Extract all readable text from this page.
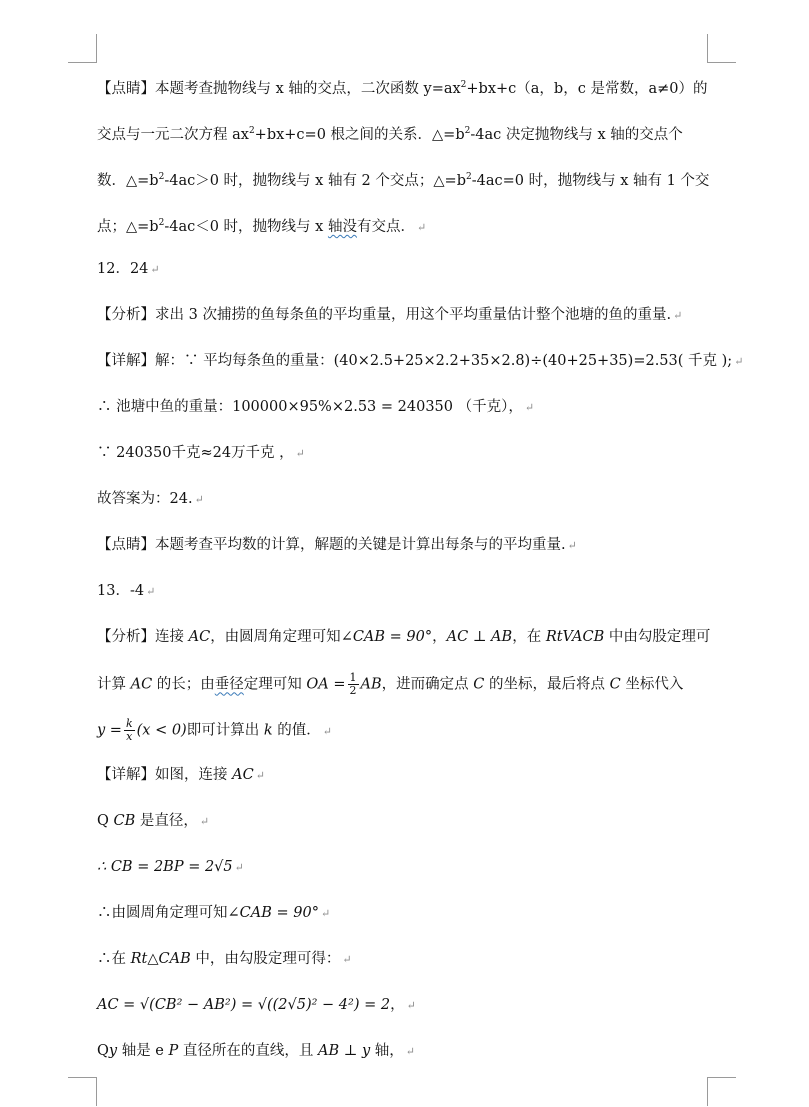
【点睛】本题考查抛物线与 x 轴的交点，二次函数 $y=ax^2+bx+c(a$，b，c 是常数，a≠0）的
交点与一元二次方程 $ax^2+bx+c=0$ 根之间的关系．$\triangle=b^2-4ac$ 决定抛物线与 x 轴的交点个
数．$\triangle=b^2-4ac>0$ 时，抛物线与 x 轴有 2 个交点；$\triangle=b^2-4ac=0$ 时，抛物线与 x 轴有 1 个交
点；$\triangle=b^2-4ac<0$ 时，抛物线与 x 轴没有交点． ↵
12．24 ↵
【分析】求出 3 次捕捞的鱼每条鱼的平均重量，用这个平均重量估计整个池塘的鱼的重量. ↵
【详解】解：∵ 平均每条鱼的重量：(40×2.5+25×2.2+35×2.8)÷(40+25+35)=2.53( 千克 ); ↵
∴ 池塘中鱼的重量：100000×95%×2.53 = 240350 （千克）， ↵
∵ 240350千克≈24万千克 ， ↵
故答案为：24. ↵
【点睛】本题考查平均数的计算，解题的关键是计算出每条与的平均重量. ↵
13．-4 ↵
【分析】连接 AC，由圆周角定理可知∠CAB = 90°，AC ⊥ AB，在 RtVACB 中由勾股定理可
计算 AC 的长；由垂径定理可知 OA = $\frac{1}{2}$ AB，进而确定点 C 的坐标，最后将点 C 坐标代入
$y = \frac{k}{x} (x < 0)$即可计算出 k 的值． ↵
【详解】如图，连接 AC ↵
Q CB 是直径， ↵
∴ CB = 2BP = 2√5 ↵
∴由圆周角定理可知∠CAB = 90° ↵
∴在 Rt△CAB 中，由勾股定理可得： ↵
AC = √(CB² − AB²) = √((2√5)² − 4²) = 2， ↵
Qy 轴是 e P 直径所在的直线，且 AB ⊥ y 轴， ↵
